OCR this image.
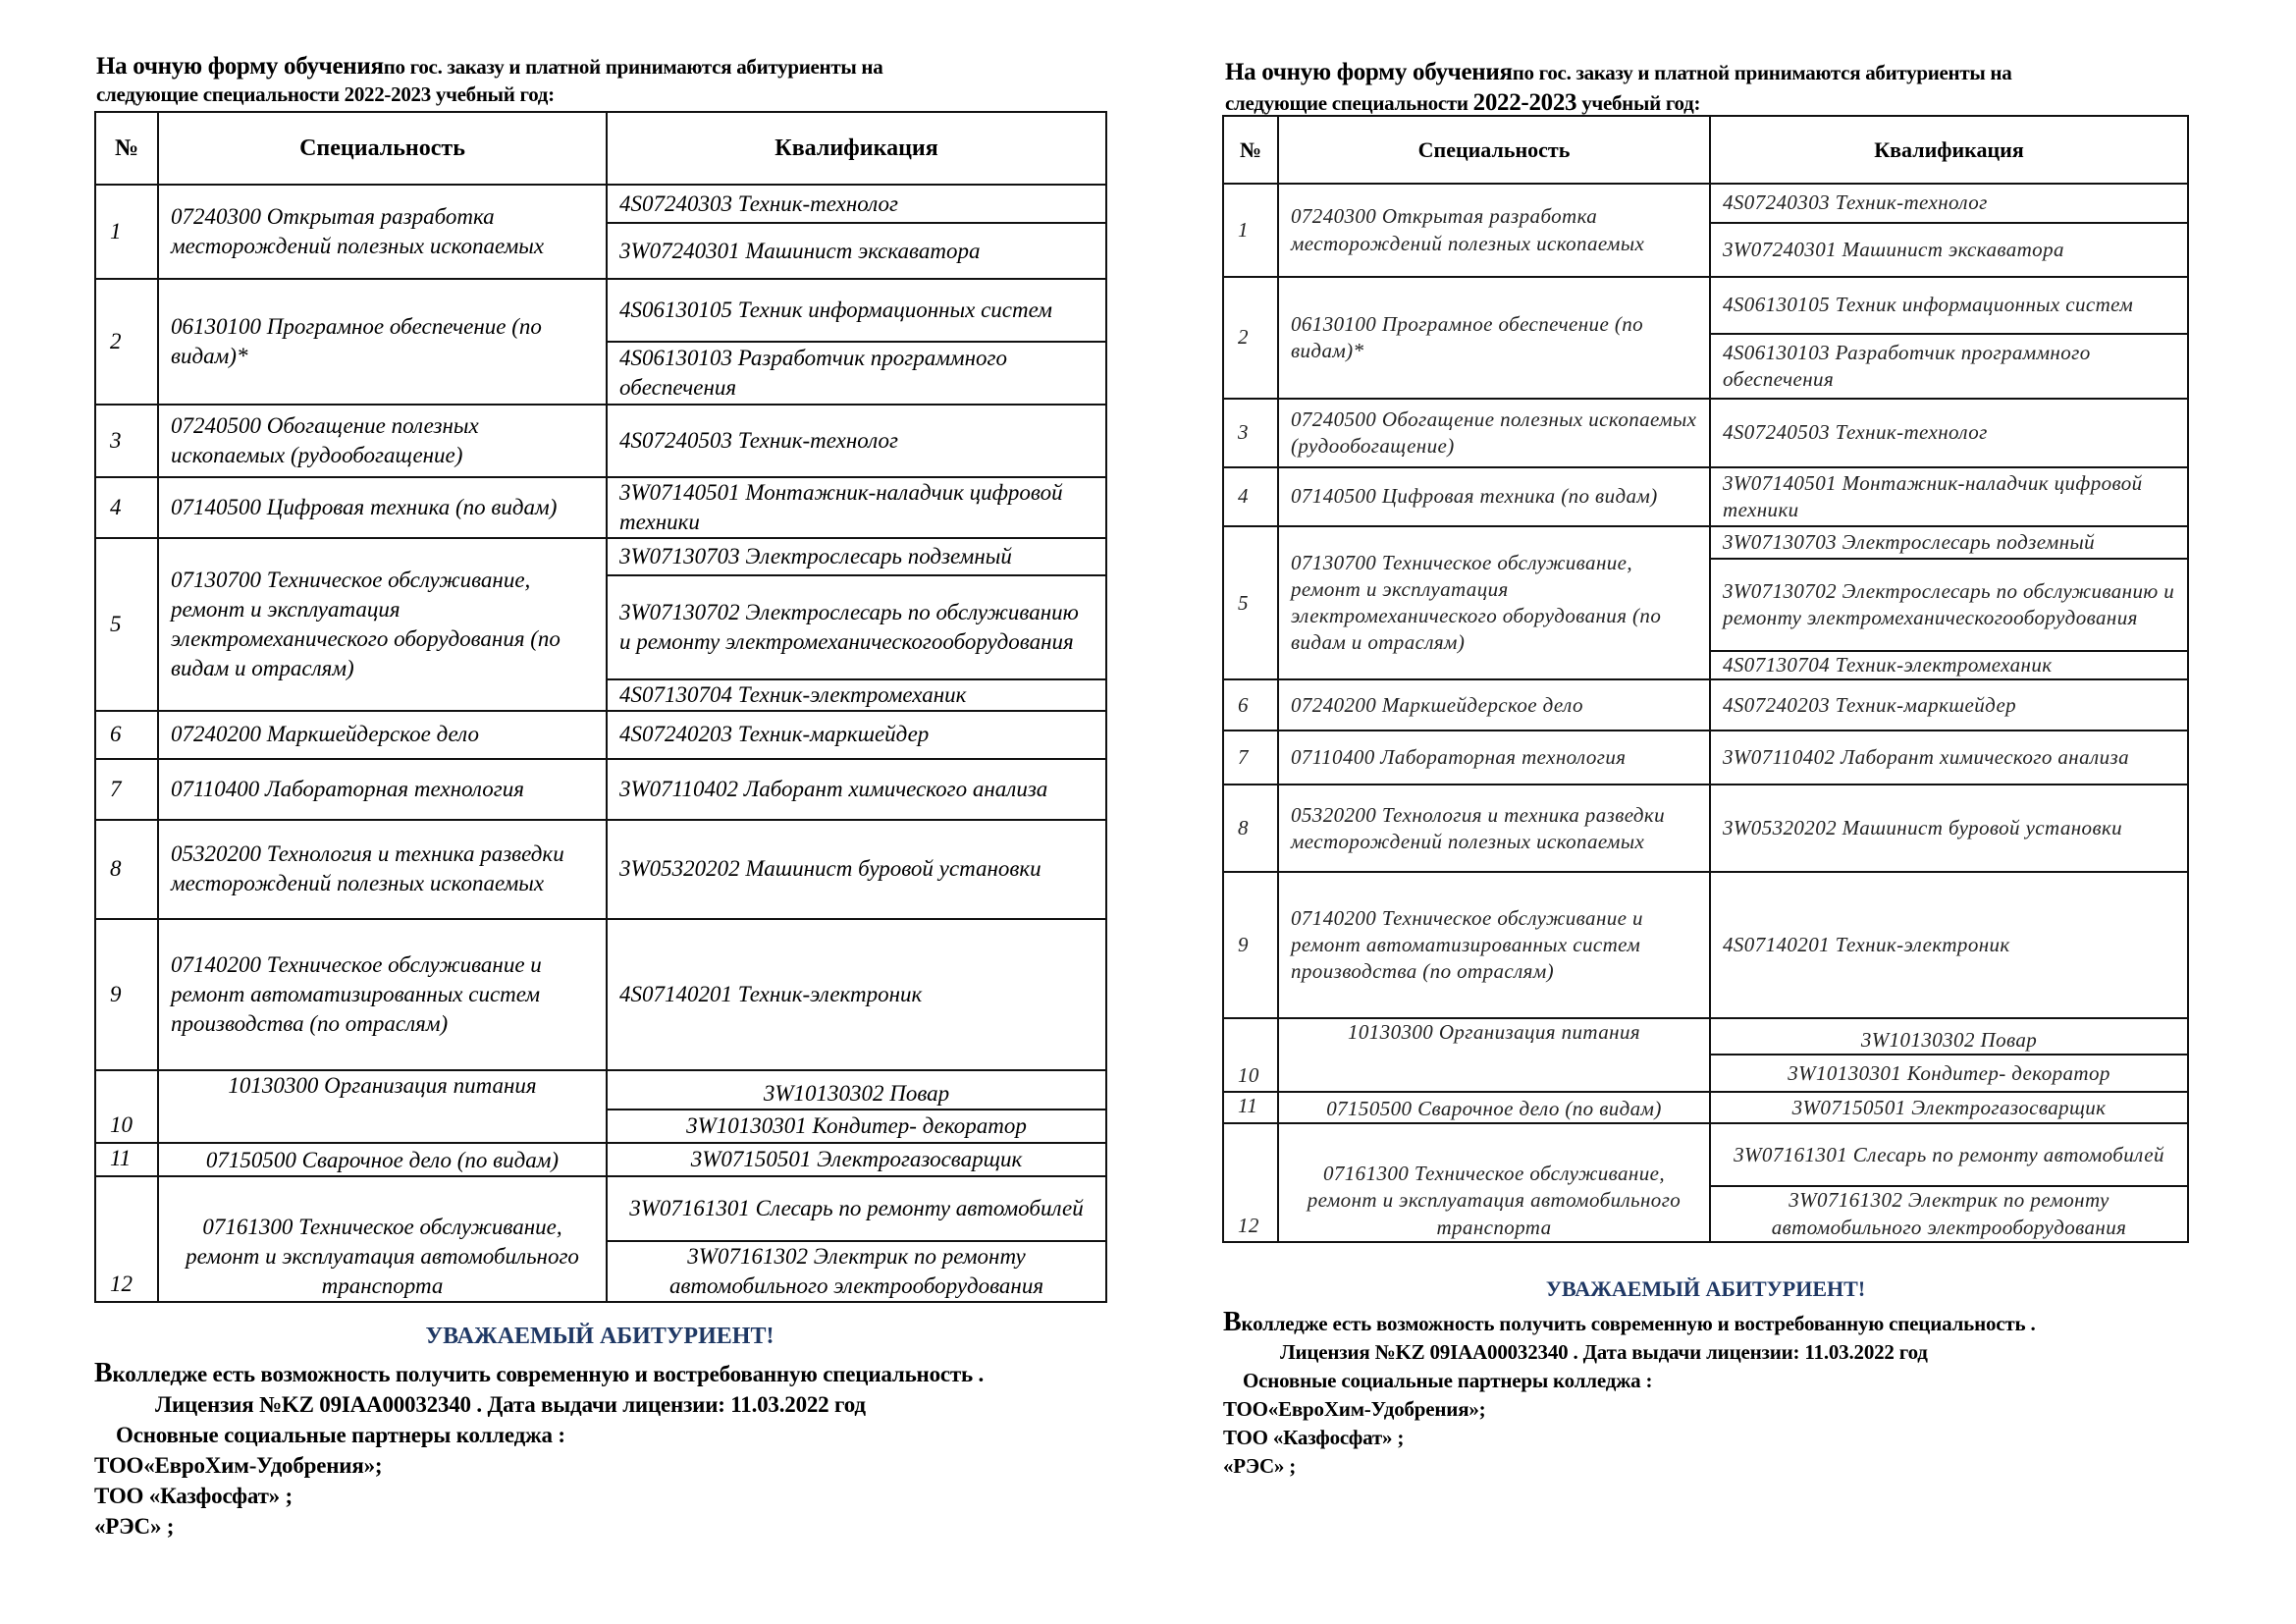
На очную форму обученияпо гос. заказу и платной принимаются абитуриенты на
следующие специальности 2022-2023 учебный год:
№	Специальность	Квалификация
1	07240300 Открытая разработка месторождений полезных ископаемых	4S07240303 Техник-технолог
		3W07240301 Машинист экскаватора
2	06130100 Програмное обеспечение (по видам)*	4S06130105 Техник информационных систем
		4S06130103 Разработчик программного обеспечения
3	07240500 Обогащение полезных ископаемых (рудообогащение)	4S07240503 Техник-технолог
4	07140500 Цифровая техника (по видам)	3W07140501 Монтажник-наладчик цифровой техники
5	07130700 Техническое обслуживание, ремонт и эксплуатация электромеханического оборудования (по видам и отраслям)	3W07130703 Электрослесарь подземный
		3W07130702 Электрослесарь по обслуживанию и ремонту электромеханическогооборудования
		4S07130704 Техник-электромеханик
6	07240200 Маркшейдерское дело	4S07240203 Техник-маркшейдер
7	07110400 Лабораторная технология	3W07110402 Лаборант химического анализа
8	05320200 Технология и техника разведки месторождений полезных ископаемых	3W05320202 Машинист буровой установки
9	07140200 Техническое обслуживание и ремонт автоматизированных систем производства (по отраслям)	4S07140201 Техник-электроник
10	10130300 Организация питания	3W10130302 Повар
		3W10130301 Кондитер- декоратор
11	07150500 Сварочное дело (по видам)	3W07150501 Электрогазосварщик
12	07161300 Техническое обслуживание, ремонт и эксплуатация автомобильного транспорта	3W07161301 Слесарь по ремонту автомобилей
		3W07161302 Электрик по ремонту автомобильного электрооборудования
УВАЖАЕМЫЙ АБИТУРИЕНТ!
Вколледже есть возможность получить современную и востребованную специальность .
Лицензия №KZ 09IAA00032340 . Дата выдачи лицензии: 11.03.2022 год
Основные социальные партнеры колледжа :
ТОО«ЕвроХим-Удобрения»;
ТОО «Казфосфат» ;
«РЭС» ;
На очную форму обученияпо гос. заказу и платной принимаются абитуриенты на
следующие специальности 2022-2023 учебный год:
№	Специальность	Квалификация
1	07240300 Открытая разработка месторождений полезных ископаемых	4S07240303 Техник-технолог
		3W07240301 Машинист экскаватора
2	06130100 Програмное обеспечение (по видам)*	4S06130105 Техник информационных систем
		4S06130103 Разработчик программного обеспечения
3	07240500 Обогащение полезных ископаемых (рудообогащение)	4S07240503 Техник-технолог
4	07140500 Цифровая техника (по видам)	3W07140501 Монтажник-наладчик цифровой техники
5	07130700 Техническое обслуживание, ремонт и эксплуатация электромеханического оборудования (по видам и отраслям)	3W07130703 Электрослесарь подземный
		3W07130702 Электрослесарь по обслуживанию и ремонту электромеханическогооборудования
		4S07130704 Техник-электромеханик
6	07240200 Маркшейдерское дело	4S07240203 Техник-маркшейдер
7	07110400 Лабораторная технология	3W07110402 Лаборант химического анализа
8	05320200 Технология и техника разведки месторождений полезных ископаемых	3W05320202 Машинист буровой установки
9	07140200 Техническое обслуживание и ремонт автоматизированных систем производства (по отраслям)	4S07140201 Техник-электроник
10	10130300 Организация питания	3W10130302 Повар
		3W10130301 Кондитер- декоратор
11	07150500 Сварочное дело (по видам)	3W07150501 Электрогазосварщик
12	07161300 Техническое обслуживание, ремонт и эксплуатация автомобильного транспорта	3W07161301 Слесарь по ремонту автомобилей
		3W07161302 Электрик по ремонту автомобильного электрооборудования
УВАЖАЕМЫЙ АБИТУРИЕНТ!
Вколледже есть возможность получить современную и востребованную специальность .
Лицензия №KZ 09IAA00032340 . Дата выдачи лицензии: 11.03.2022 год
Основные социальные партнеры колледжа :
ТОО«ЕвроХим-Удобрения»;
ТОО «Казфосфат» ;
«РЭС» ;
